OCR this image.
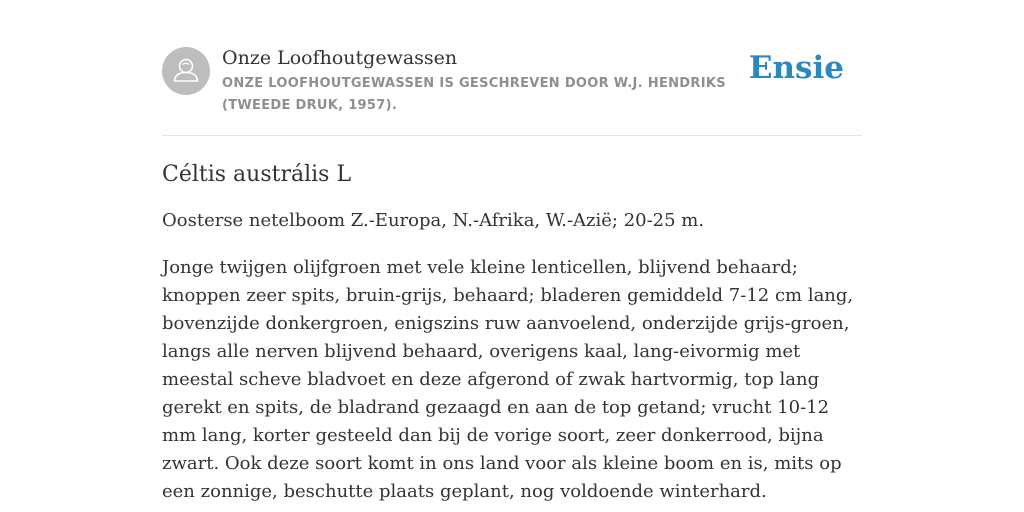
Onze Loofhoutgewassen
ONZE LOOFHOUTGEWASSEN IS GESCHREVEN DOOR W.J. HENDRIKS (TWEEDE DRUK, 1957).
Ensie
Céltis austrális L

Oosterse netelboom Z.-Europa, N.-Afrika, W.-Azië; 20-25 m.

Jonge twijgen olijfgroen met vele kleine lenticellen, blijvend behaard; knoppen zeer spits, bruin-grijs, behaard; bladeren gemiddeld 7-12 cm lang, bovenzijde donkergroen, enigszins ruw aanvoelend, onderzijde grijs-groen, langs alle nerven blijvend behaard, overigens kaal, lang-eivormig met meestal scheve bladvoet en deze afgerond of zwak hartvormig, top lang gerekt en spits, de bladrand gezaagd en aan de top getand; vrucht 10-12 mm lang, korter gesteeld dan bij de vorige soort, zeer donkerrood, bijna zwart. Ook deze soort komt in ons land voor als kleine boom en is, mits op een zonnige, beschutte plaats geplant, nog voldoende winterhard.
